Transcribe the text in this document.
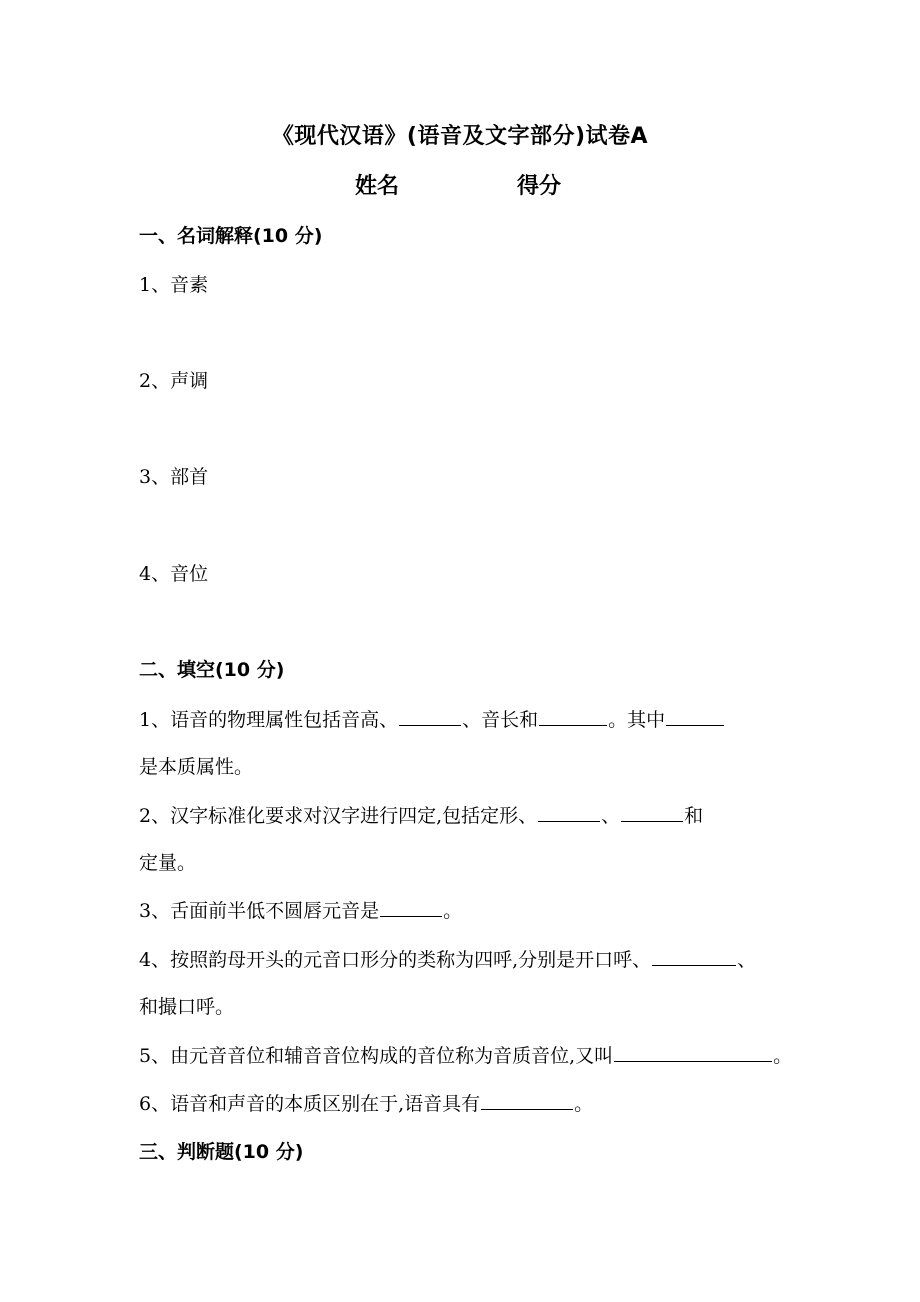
《现代汉语》(语音及文字部分)试卷A
姓名	得分
一、名词解释(10 分)
1、音素
2、声调
3、部首
4、音位
二、填空(10 分)
1、语音的物理属性包括音高、	、音长和	。其中
是本质属性。
2、汉字标准化要求对汉字进行四定,包括定形、	、	和
定量。
3、舌面前半低不圆唇元音是	。
4、按照韵母开头的元音口形分的类称为四呼,分别是开口呼、	、
和撮口呼。
5、由元音音位和辅音音位构成的音位称为音质音位,又叫	。
6、语音和声音的本质区别在于,语音具有	。
三、判断题(10 分)
